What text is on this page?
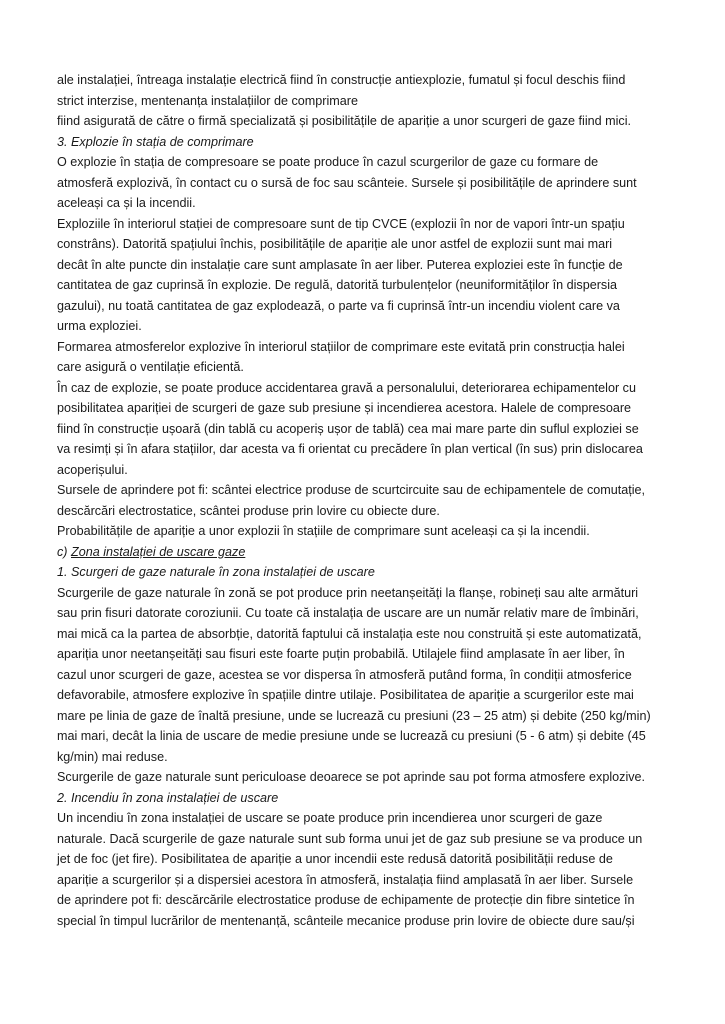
ale instalației, întreaga instalație electrică fiind în construcție antiexplozie, fumatul și focul deschis fiind
strict interzise, mentenanța instalațiilor de comprimare
fiind asigurată de către o firmă specializată și posibilitățile de apariție a unor scurgeri de gaze fiind mici.
3. Explozie în stația de comprimare
O explozie în stația de compresoare se poate produce în cazul scurgerilor de gaze cu formare de
atmosferă explozivă, în contact cu o sursă de foc sau scânteie. Sursele și posibilitățile de aprindere sunt
aceleași ca și la incendii.
Exploziile în interiorul stației de compresoare sunt de tip CVCE (explozii în nor de vapori într-un spațiu
constrâns). Datorită spațiului închis, posibilitățile de apariție ale unor astfel de explozii sunt mai mari
decât în alte puncte din instalație care sunt amplasate în aer liber. Puterea exploziei este în funcție de
cantitatea de gaz cuprinsă în explozie. De regulă, datorită turbulențelor (neuniformităților în dispersia
gazului), nu toată cantitatea de gaz explodează, o parte va fi cuprinsă într-un incendiu violent care va
urma exploziei.
Formarea atmosferelor explozive în interiorul stațiilor de comprimare este evitată prin construcția halei
care asigură o ventilație eficientă.
În caz de explozie, se poate produce accidentarea gravă a personalului, deteriorarea echipamentelor cu
posibilitatea apariției de scurgeri de gaze sub presiune și incendierea acestora. Halele de compresoare
fiind în construcție ușoară (din tablă cu acoperiș ușor de tablă) cea mai mare parte din suflul exploziei se
va resimți și în afara stațiilor, dar acesta va fi orientat cu precădere în plan vertical (în sus) prin dislocarea
acoperișului.
Sursele de aprindere pot fi: scântei electrice produse de scurtcircuite sau de echipamentele de comutație,
descărcări electrostatice, scântei produse prin lovire cu obiecte dure.
Probabilitățile de apariție a unor explozii în stațiile de comprimare sunt aceleași ca și la incendii.
c) Zona instalației de uscare gaze
1. Scurgeri de gaze naturale în zona instalației de uscare
Scurgerile de gaze naturale în zonă se pot produce prin neetanșeități la flanșe, robineți sau alte armături
sau prin fisuri datorate coroziunii. Cu toate că instalația de uscare are un număr relativ mare de îmbinări,
mai mică ca la partea de absorbție, datorită faptului că instalația este nou construită și este automatizată,
apariția unor neetanșeități sau fisuri este foarte puțin probabilă. Utilajele fiind amplasate în aer liber, în
cazul unor scurgeri de gaze, acestea se vor dispersa în atmosferă putând forma, în condiții atmosferice
defavorabile, atmosfere explozive în spațiile dintre utilaje. Posibilitatea de apariție a scurgerilor este mai
mare pe linia de gaze de înaltă presiune, unde se lucrează cu presiuni (23 – 25 atm) și debite (250 kg/min)
mai mari, decât la linia de uscare de medie presiune unde se lucrează cu presiuni (5 - 6 atm) și debite (45
kg/min) mai reduse.
Scurgerile de gaze naturale sunt periculoase deoarece se pot aprinde sau pot forma atmosfere explozive.
2. Incendiu în zona instalației de uscare
Un incendiu în zona instalației de uscare se poate produce prin incendierea unor scurgeri de gaze
naturale. Dacă scurgerile de gaze naturale sunt sub forma unui jet de gaz sub presiune se va produce un
jet de foc (jet fire). Posibilitatea de apariție a unor incendii este redusă datorită posibilității reduse de
apariție a scurgerilor și a dispersiei acestora în atmosferă, instalația fiind amplasată în aer liber. Sursele
de aprindere pot fi: descărcările electrostatice produse de echipamente de protecție din fibre sintetice în
special în timpul lucrărilor de mentenanță, scânteile mecanice produse prin lovire de obiecte dure sau/și
